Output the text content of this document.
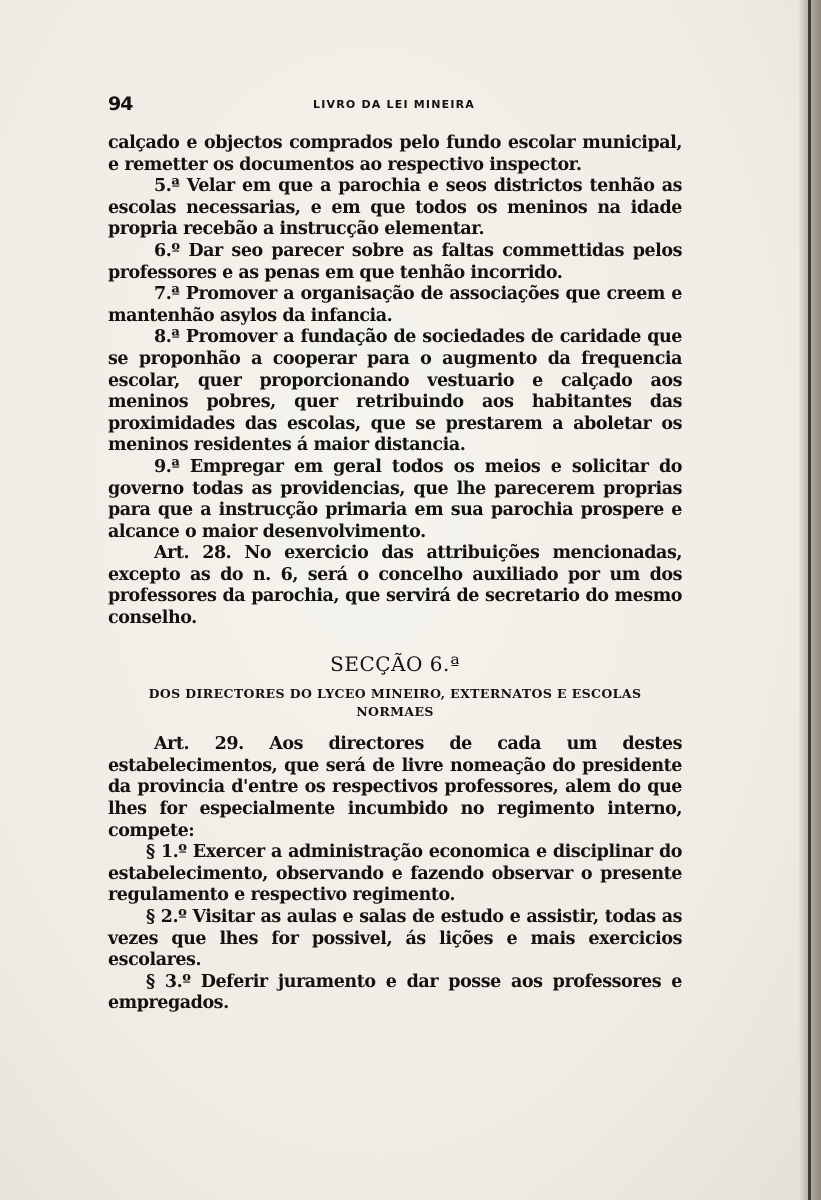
94	LIVRO DA LEI MINEIRA

calçado e objectos comprados pelo fundo escolar municipal, e remetter os documentos ao respectivo inspector.

5.ª Velar em que a parochia e seos districtos tenhão as escolas necessarias, e em que todos os meninos na idade propria recebão a instrucção elementar.

6.º Dar seo parecer sobre as faltas commettidas pelos professores e as penas em que tenhão incorrido.

7.ª Promover a organisação de associações que creem e mantenhão asylos da infancia.

8.ª Promover a fundação de sociedades de caridade que se proponhão a cooperar para o augmento da frequencia escolar, quer proporcionando vestuario e calçado aos meninos pobres, quer retribuindo aos habitantes das proximidades das escolas, que se prestarem a aboletar os meninos residentes á maior distancia.

9.ª Empregar em geral todos os meios e solicitar do governo todas as providencias, que lhe parecerem proprias para que a instrucção primaria em sua parochia prospere e alcance o maior desenvolvimento.

Art. 28. No exercicio das attribuições mencionadas, excepto as do n. 6, será o concelho auxiliado por um dos professores da parochia, que servirá de secretario do mesmo conselho.

SECÇÃO 6.ª
DOS DIRECTORES DO LYCEO MINEIRO, EXTERNATOS E ESCOLAS NORMAES

Art. 29. Aos directores de cada um destes estabelecimentos, que será de livre nomeação do presidente da provincia d'entre os respectivos professores, alem do que lhes for especialmente incumbido no regimento interno, compete:

§ 1.º Exercer a administração economica e disciplinar do estabelecimento, observando e fazendo observar o presente regulamento e respectivo regimento.

§ 2.º Visitar as aulas e salas de estudo e assistir, todas as vezes que lhes for possivel, ás lições e mais exercicios escolares.

§ 3.º Deferir juramento e dar posse aos professores e empregados.
